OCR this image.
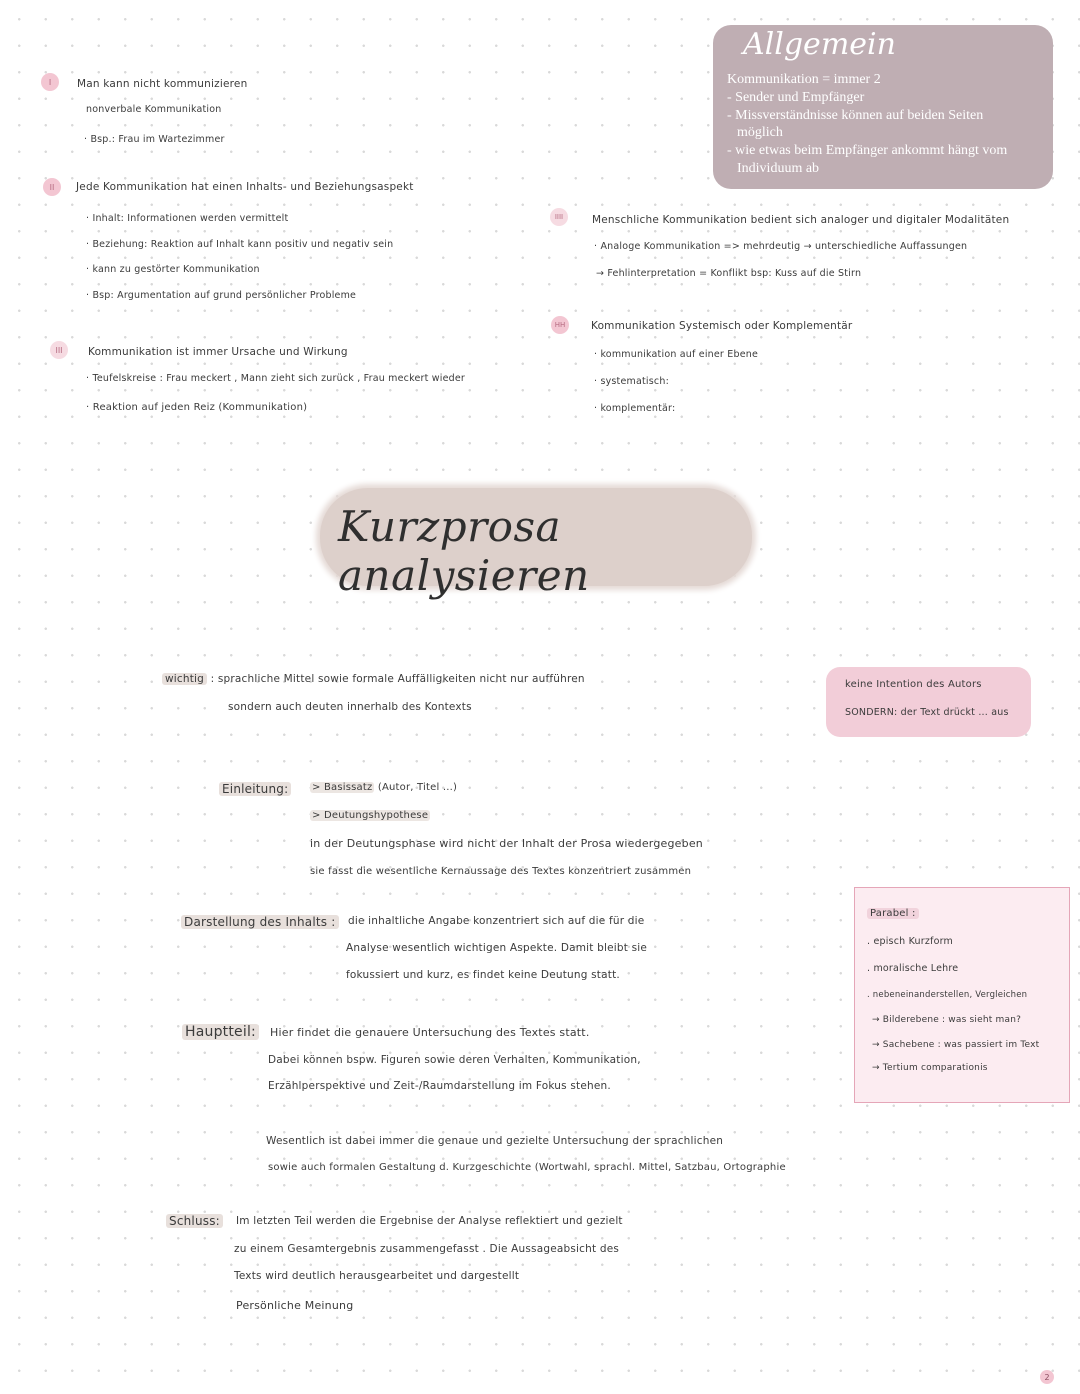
Allgemein
Kommunikation = immer 2
- Sender und Empfänger
- Missverständnisse können auf beiden Seiten
möglich
- wie etwas beim Empfänger ankommt hängt vom
Individuum ab
I	Man kann nicht kommunizieren
nonverbale Kommunikation
· Bsp.: Frau im Wartezimmer
II	Jede Kommunikation hat einen Inhalts- und Beziehungsaspekt
· Inhalt: Informationen werden vermittelt
· Beziehung: Reaktion auf Inhalt kann positiv und negativ sein
· kann zu gestörter Kommunikation
· Bsp: Argumentation auf grund persönlicher Probleme
III	Kommunikation ist immer Ursache und Wirkung
· Teufelskreise : Frau meckert , Mann zieht sich zurück , Frau meckert wieder
· Reaktion auf jeden Reiz (Kommunikation)
IIII	Menschliche Kommunikation bedient sich analoger und digitaler Modalitäten
· Analoge Kommunikation => mehrdeutig → unterschiedliche Auffassungen
→ Fehlinterpretation = Konflikt bsp: Kuss auf die Stirn
HH	Kommunikation Systemisch oder Komplementär
· kommunikation auf einer Ebene
· systematisch:
· komplementär:
Kurzprosa analysieren
wichtig : sprachliche Mittel sowie formale Auffälligkeiten nicht nur aufführen
sondern auch deuten innerhalb des Kontexts
keine Intention des Autors
SONDERN: der Text drückt ... aus
Einleitung:	> Basissatz (Autor, Titel ...)
> Deutungshypothese
in der Deutungsphase wird nicht der Inhalt der Prosa wiedergegeben
sie fasst die wesentliche Kernaussage des Textes konzentriert zusammen
Darstellung des Inhalts : die inhaltliche Angabe konzentriert sich auf die für die
Analyse wesentlich wichtigen Aspekte. Damit bleibt sie
fokussiert und kurz, es findet keine Deutung statt.
Hauptteil: Hier findet die genauere Untersuchung des Textes statt.
Dabei können bspw. Figuren sowie deren Verhalten, Kommunikation,
Erzählperspektive und Zeit-/Raumdarstellung im Fokus stehen.
Wesentlich ist dabei immer die genaue und gezielte Untersuchung der sprachlichen
sowie auch formalen Gestaltung d. Kurzgeschichte (Wortwahl, sprachl. Mittel, Satzbau, Ortographie
Schluss: Im letzten Teil werden die Ergebnise der Analyse reflektiert und gezielt
zu einem Gesamtergebnis zusammengefasst . Die Aussageabsicht des
Texts wird deutlich herausgearbeitet und dargestellt
Persönliche Meinung
Parabel :
. episch Kurzform
. moralische Lehre
. nebeneinanderstellen, Vergleichen
→ Bilderebene : was sieht man?
→ Sachebene : was passiert im Text
→ Tertium comparationis
2
